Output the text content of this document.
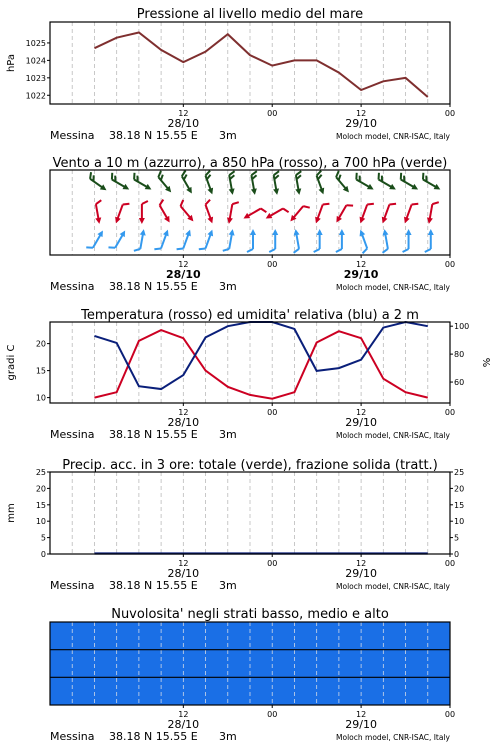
Pressione al livello medio del mare
12	00	12	00
28/10	29/10
Messina 38.18 N 15.55 E 3m	Moloch model, CNR-ISAC, Italy
1022
1023
1024
1025
hPa
Vento a 10 m (azzurro), a 850 hPa (rosso), a 700 hPa (verde)
12	00	12	00
28/10	29/10
Messina 38.18 N 15.55 E 3m	Moloch model, CNR-ISAC, Italy
Temperatura (rosso) ed umidita' relativa (blu) a 2 m
12	00	12	00
28/10	29/10
Messina 38.18 N 15.55 E 3m	Moloch model, CNR-ISAC, Italy
10
15
20
60
80
100
gradi C	%
Precip. acc. in 3 ore: totale (verde), frazione solida (tratt.)
12	00	12	00
28/10	29/10
Messina 38.18 N 15.55 E 3m	Moloch model, CNR-ISAC, Italy
0	0
5	5
10	10
15	15
20	20
25	25
mm
Nuvolosita' negli strati basso, medio e alto
12	00	12	00
28/10	29/10
Messina 38.18 N 15.55 E 3m	Moloch model, CNR-ISAC, Italy
